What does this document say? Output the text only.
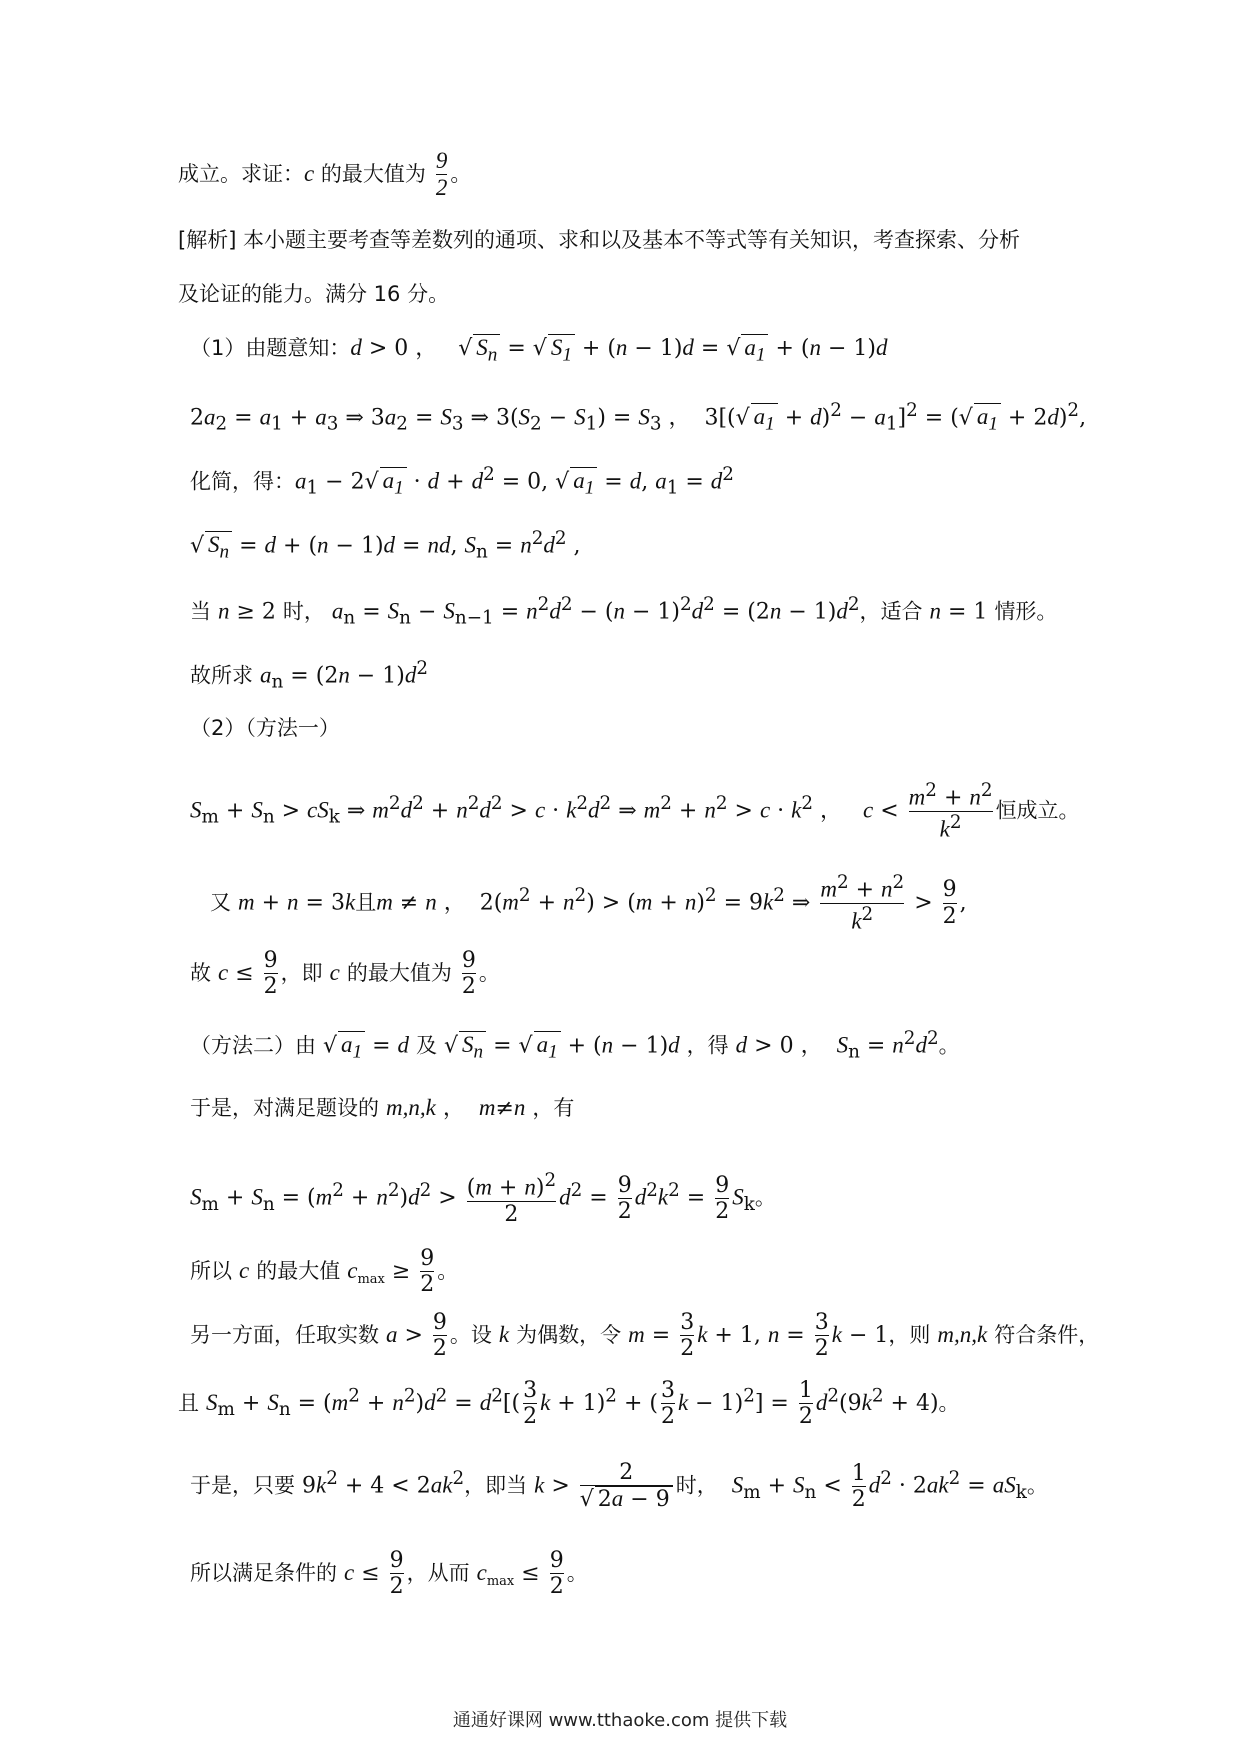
成立。求证：c 的最大值为 $\frac{9}{2}$ 。
[解析] 本小题主要考查等差数列的通项、求和以及基本不等式等有关知识，考查探索、分析
及论证的能力。满分 16 分。
（1）由题意知：d > 0 ，   √ $S_n$ = √ $S_1 + (n - 1)d$ = √ $a_1 + (n - 1)d$
$2a_2 = a_1 + a_3$ ⇒ $3a_2 = S_3$ ⇒ $3(S_2 - S_1) = S_3$ ，  3[(√ $a_1 + d)^2 - a_1]^2$ = (√ $a_1 + 2d)^2$,
化简，得：$a_1 - 2√$ $a_1 \cdot d + d^2 = 0$, √ $a_1 = d$, $a_1 = d^2$
√ $S_n = d + (n - 1)d$ = nd, $S_n = n^2d^2$ ,
当 n ≥ 2 时， $a_n = S_n - S_{n-1} = n^2d^2 - (n - 1)^2d^2 = (2n - 1)d^2$，适合 n = 1 情形。
故所求 $a_n = (2n - 1)d^2$
（2）（方法一）
$S_m + S_n > cS_k$ ⇒ $m^2d^2 + n^2d^2 > c \cdot k^2d^2$ ⇒ $m^2 + n^2 > c \cdot k^2$ ，   $c < \frac{m^2 + n^2}{k^2}$ 恒成立。
又 m + n = 3k且m ≠ n ，  $2(m^2 + n^2) > (m + n)^2 = 9k^2$ ⇒ $\frac{m^2 + n^2}{k^2} > \frac{9}{2}$ ,
故 $c \le \frac{9}{2}$ ，即 c 的最大值为 $\frac{9}{2}$ 。
（方法二）由 √ $a_1 = d$ 及 √ $S_n$ = √ $a_1 + (n - 1)d$ ，得 d > 0 ，  $S_n = n^2d^2$。
于是，对满足题设的 m,n,k ，  m≠n ，有
$S_m + S_n = (m^2 + n^2)d^2 > \frac{(m + n)^2}{2} d^2 = \frac{9}{2} d^2k^2 = \frac{9}{2} S_k$。
所以 c 的最大值 $c_{max} \ge \frac{9}{2}$ 。
另一方面，任取实数 $a > \frac{9}{2}$ 。设 k 为偶数，令 $m = \frac{3}{2}$ k + 1, $n = \frac{3}{2}$ k − 1，则 m,n,k 符合条件，
且 $S_m + S_n = (m^2 + n^2)d^2 = d^2[( \frac{3}{2}$ $k + 1)^2$ + ( $\frac{3}{2}$ $k - 1)^2] = \frac{1}{2} d^2(9k^2 + 4)$。
于是，只要 $9k^2 + 4 < 2ak^2$，即当 $k > \frac{2}{√ 2a - 9}$ 时， $S_m + S_n < \frac{1}{2} d^2 \cdot 2ak^2 = aS_k$。
所以满足条件的 $c \le \frac{9}{2}$ ，从而 $c_{max} \le \frac{9}{2}$ 。
通通好课网 www.tthaoke.com 提供下载
